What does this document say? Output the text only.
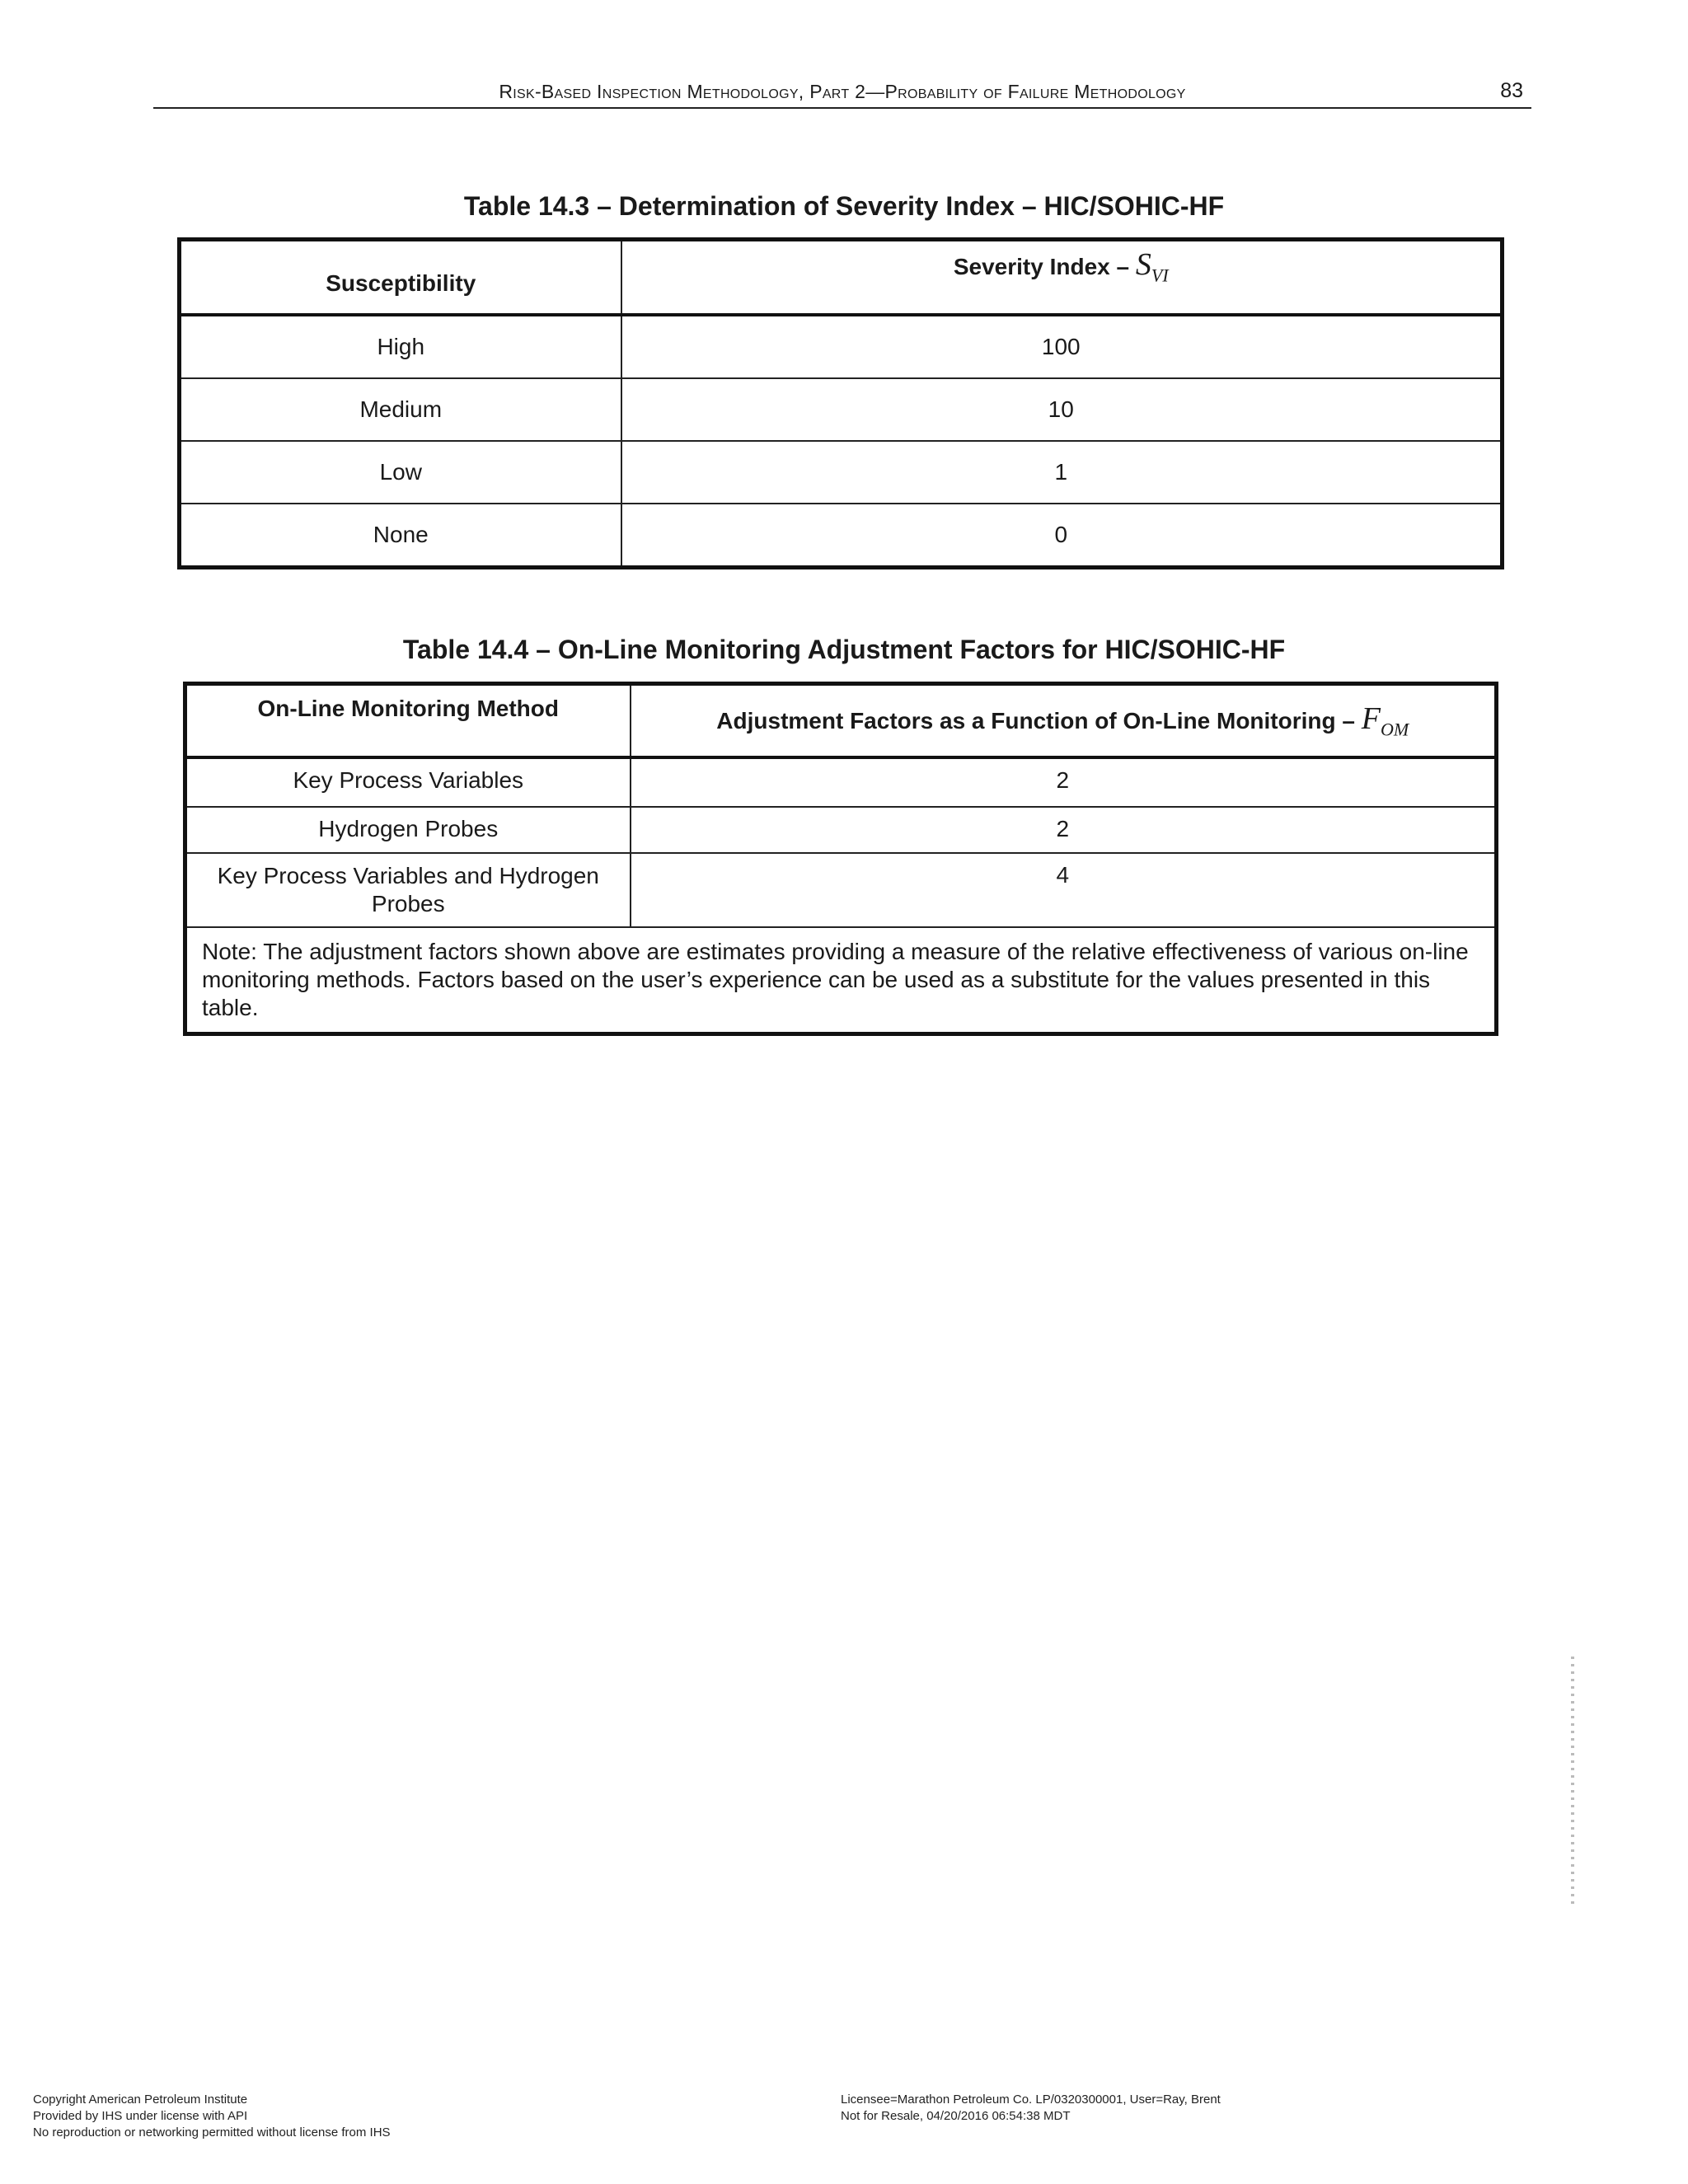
Risk-Based Inspection Methodology, Part 2—Probability of Failure Methodology	83
Table 14.3 – Determination of Severity Index – HIC/SOHIC-HF
Susceptibility	Severity Index – $S_{VI}$
High	100
Medium	10
Low	1
None	0
Table 14.4 – On-Line Monitoring Adjustment Factors for HIC/SOHIC-HF
On-Line Monitoring Method	Adjustment Factors as a Function of On-Line Monitoring – $F_{OM}$
Key Process Variables	2
Hydrogen Probes	2
Key Process Variables and Hydrogen Probes	4
Note: The adjustment factors shown above are estimates providing a measure of the relative effectiveness of various on-line monitoring methods. Factors based on the user’s experience can be used as a substitute for the values presented in this table.	
Copyright American Petroleum Institute
Provided by IHS under license with API
No reproduction or networking permitted without license from IHS
Licensee=Marathon Petroleum Co. LP/0320300001, User=Ray, Brent
Not for Resale, 04/20/2016 06:54:38 MDT
